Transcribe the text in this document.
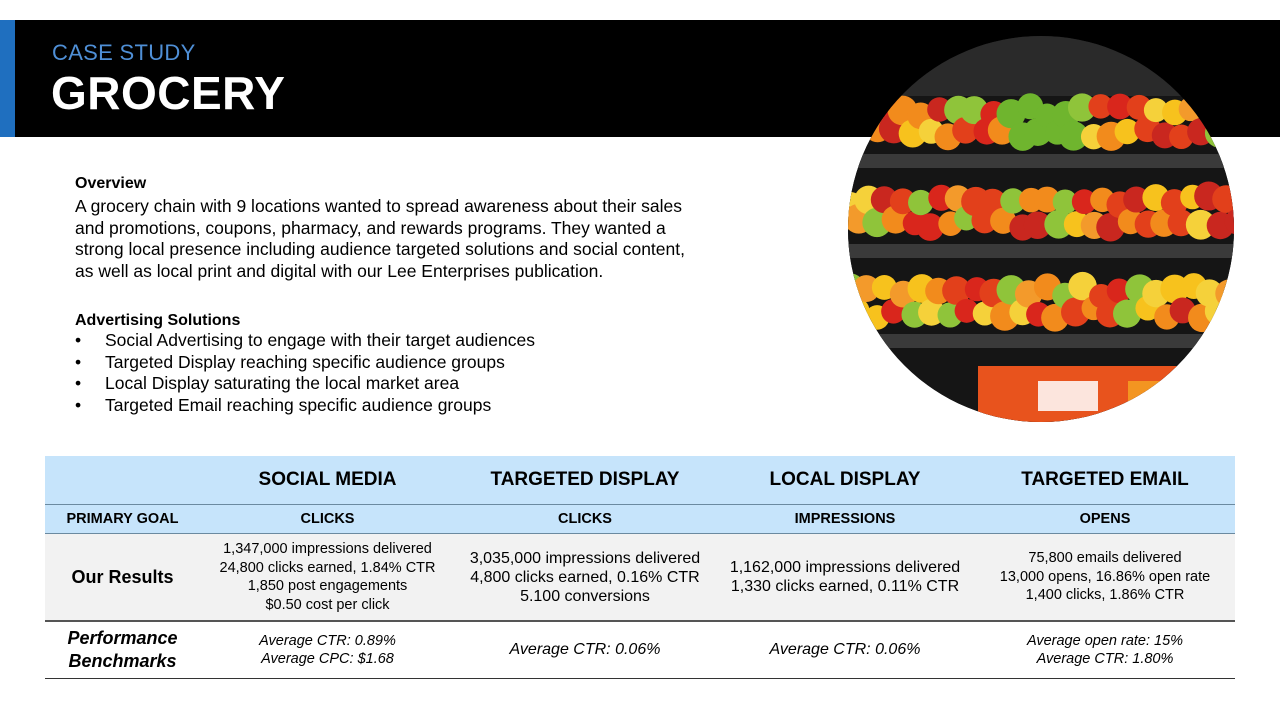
CASE STUDY
GROCERY
Overview

A grocery chain with 9 locations wanted to spread awareness about their sales
and promotions, coupons, pharmacy, and rewards programs. They wanted a
strong local presence including audience targeted solutions and social content,
as well as local print and digital with our Lee Enterprises publication.

Advertising Solutions
• Social Advertising to engage with their target audiences
• Targeted Display reaching specific audience groups
• Local Display saturating the local market area
• Targeted Email reaching specific audience groups
	SOCIAL MEDIA	TARGETED DISPLAY	LOCAL DISPLAY	TARGETED EMAIL
PRIMARY GOAL	CLICKS	CLICKS	IMPRESSIONS	OPENS
Our Results	1,347,000 impressions delivered
24,800 clicks earned, 1.84% CTR
1,850 post engagements
$0.50 cost per click	3,035,000 impressions delivered
4,800 clicks earned, 0.16% CTR
5.100 conversions	1,162,000 impressions delivered
1,330 clicks earned, 0.11% CTR	75,800 emails delivered
13,000 opens, 16.86% open rate
1,400 clicks, 1.86% CTR

Performance
Benchmarks	Average CTR: 0.89%
Average CPC: $1.68	Average CTR: 0.06%	Average CTR: 0.06%	Average open rate: 15%
Average CTR: 1.80%
